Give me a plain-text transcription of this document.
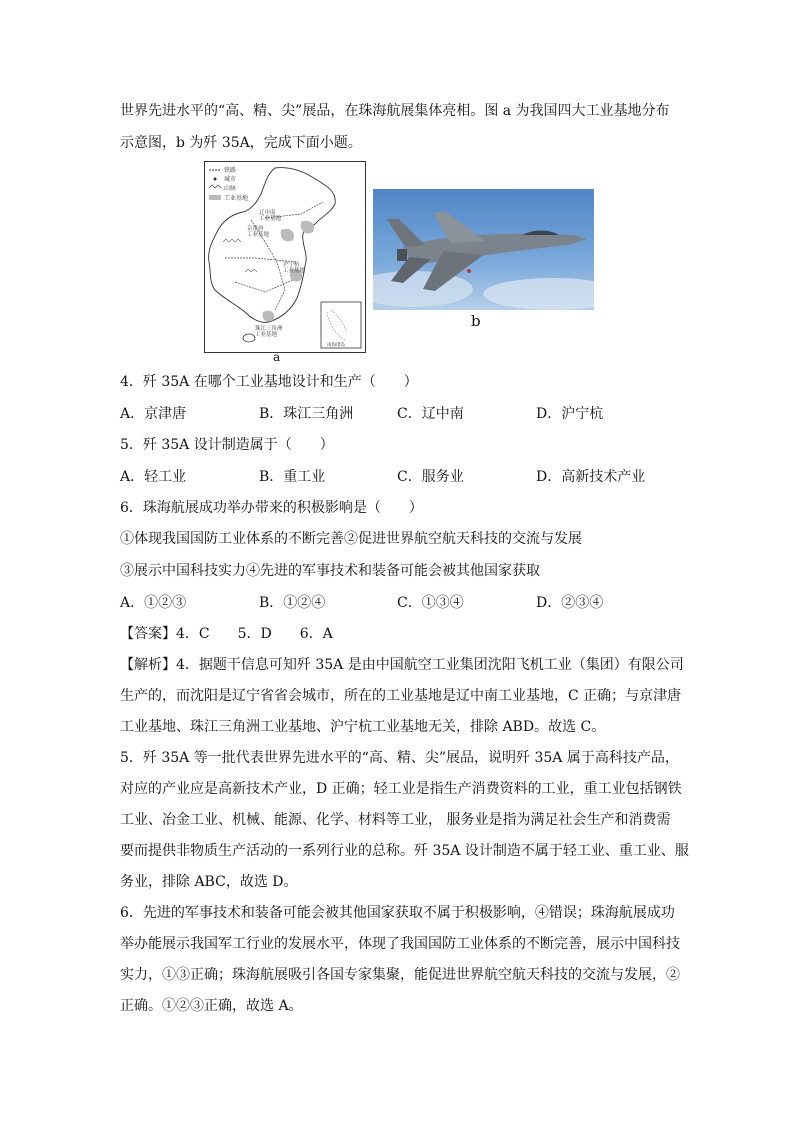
世界先进水平的“高、精、尖”展品，在珠海航展集体亮相。图 a 为我国四大工业基地分布
示意图，b 为歼 35A，完成下面小题。
铁路
城市
山脉
工业基地
辽中南
工业基地
京津唐
工业基地
沪宁杭
工业基地
珠江三角洲
工业基地
南海诸岛
a
b
4．歼 35A 在哪个工业基地设计和生产（　　）
A．京津唐	B．珠江三角洲	C．辽中南	D．沪宁杭
5．歼 35A 设计制造属于（　　）
A．轻工业	B．重工业	C．服务业	D．高新技术产业
6．珠海航展成功举办带来的积极影响是（　　）
①体现我国国防工业体系的不断完善②促进世界航空航天科技的交流与发展
③展示中国科技实力④先进的军事技术和装备可能会被其他国家获取
A．①②③	B．①②④	C．①③④	D．②③④
【答案】4．C　　5．D　　6．A
【解析】4．据题干信息可知歼 35A 是由中国航空工业集团沈阳飞机工业（集团）有限公司
生产的，而沈阳是辽宁省省会城市，所在的工业基地是辽中南工业基地，C 正确；与京津唐
工业基地、珠江三角洲工业基地、沪宁杭工业基地无关，排除 ABD。故选 C。
5．歼 35A 等一批代表世界先进水平的“高、精、尖”展品，说明歼 35A 属于高科技产品，
对应的产业应是高新技术产业，D 正确；轻工业是指生产消费资料的工业，重工业包括钢铁
工业、冶金工业、机械、能源、化学、材料等工业， 服务业是指为满足社会生产和消费需
要而提供非物质生产活动的一系列行业的总称。歼 35A 设计制造不属于轻工业、重工业、服
务业，排除 ABC，故选 D。
6．先进的军事技术和装备可能会被其他国家获取不属于积极影响，④错误；珠海航展成功
举办能展示我国军工行业的发展水平，体现了我国国防工业体系的不断完善，展示中国科技
实力，①③正确；珠海航展吸引各国专家集聚，能促进世界航空航天科技的交流与发展，②
正确。①②③正确，故选 A。
